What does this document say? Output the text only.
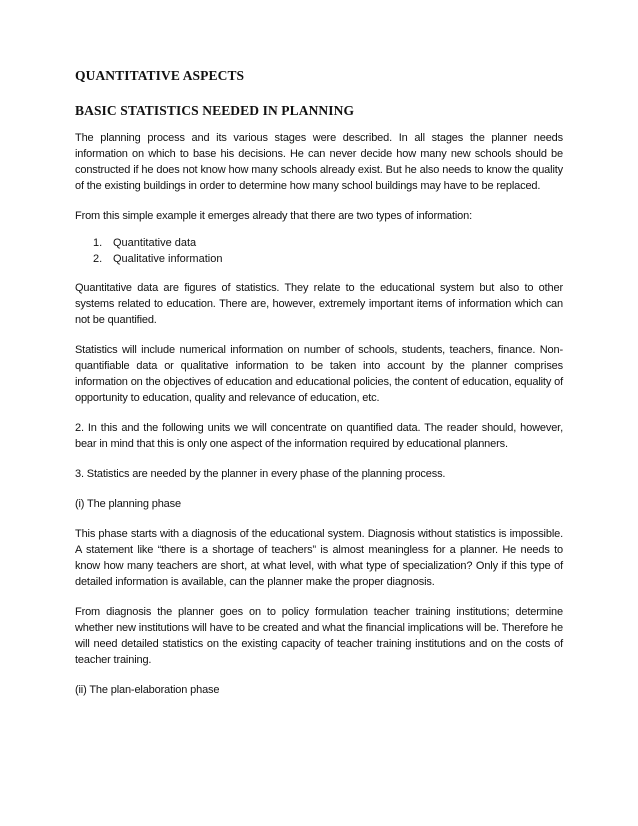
QUANTITATIVE ASPECTS
BASIC STATISTICS NEEDED IN PLANNING

The planning process and its various stages were described. In all stages the planner needs information on which to base his decisions. He can never decide how many new schools should be constructed if he does not know how many schools already exist. But he also needs to know the quality of the existing buildings in order to determine how many school buildings may have to be replaced.

From this simple example it emerges already that there are two types of information:

1. Quantitative data
2. Qualitative information

Quantitative data are figures of statistics. They relate to the educational system but also to other systems related to education. There are, however, extremely important items of information which can not be quantified.

Statistics will include numerical information on number of schools, students, teachers, finance. Non-quantifiable data or qualitative information to be taken into account by the planner comprises information on the objectives of education and educational policies, the content of education, equality of opportunity to education, quality and relevance of education, etc.

2. In this and the following units we will concentrate on quantified data. The reader should, however, bear in mind that this is only one aspect of the information required by educational planners.

3. Statistics are needed by the planner in every phase of the planning process.

(i) The planning phase

This phase starts with a diagnosis of the educational system. Diagnosis without statistics is impossible. A statement like “there is a shortage of teachers” is almost meaningless for a planner. He needs to know how many teachers are short, at what level, with what type of specialization? Only if this type of detailed information is available, can the planner make the proper diagnosis.

From diagnosis the planner goes on to policy formulation teacher training institutions; determine whether new institutions will have to be created and what the financial implications will be. Therefore he will need detailed statistics on the existing capacity of teacher training institutions and on the costs of teacher training.

(ii) The plan-elaboration phase
